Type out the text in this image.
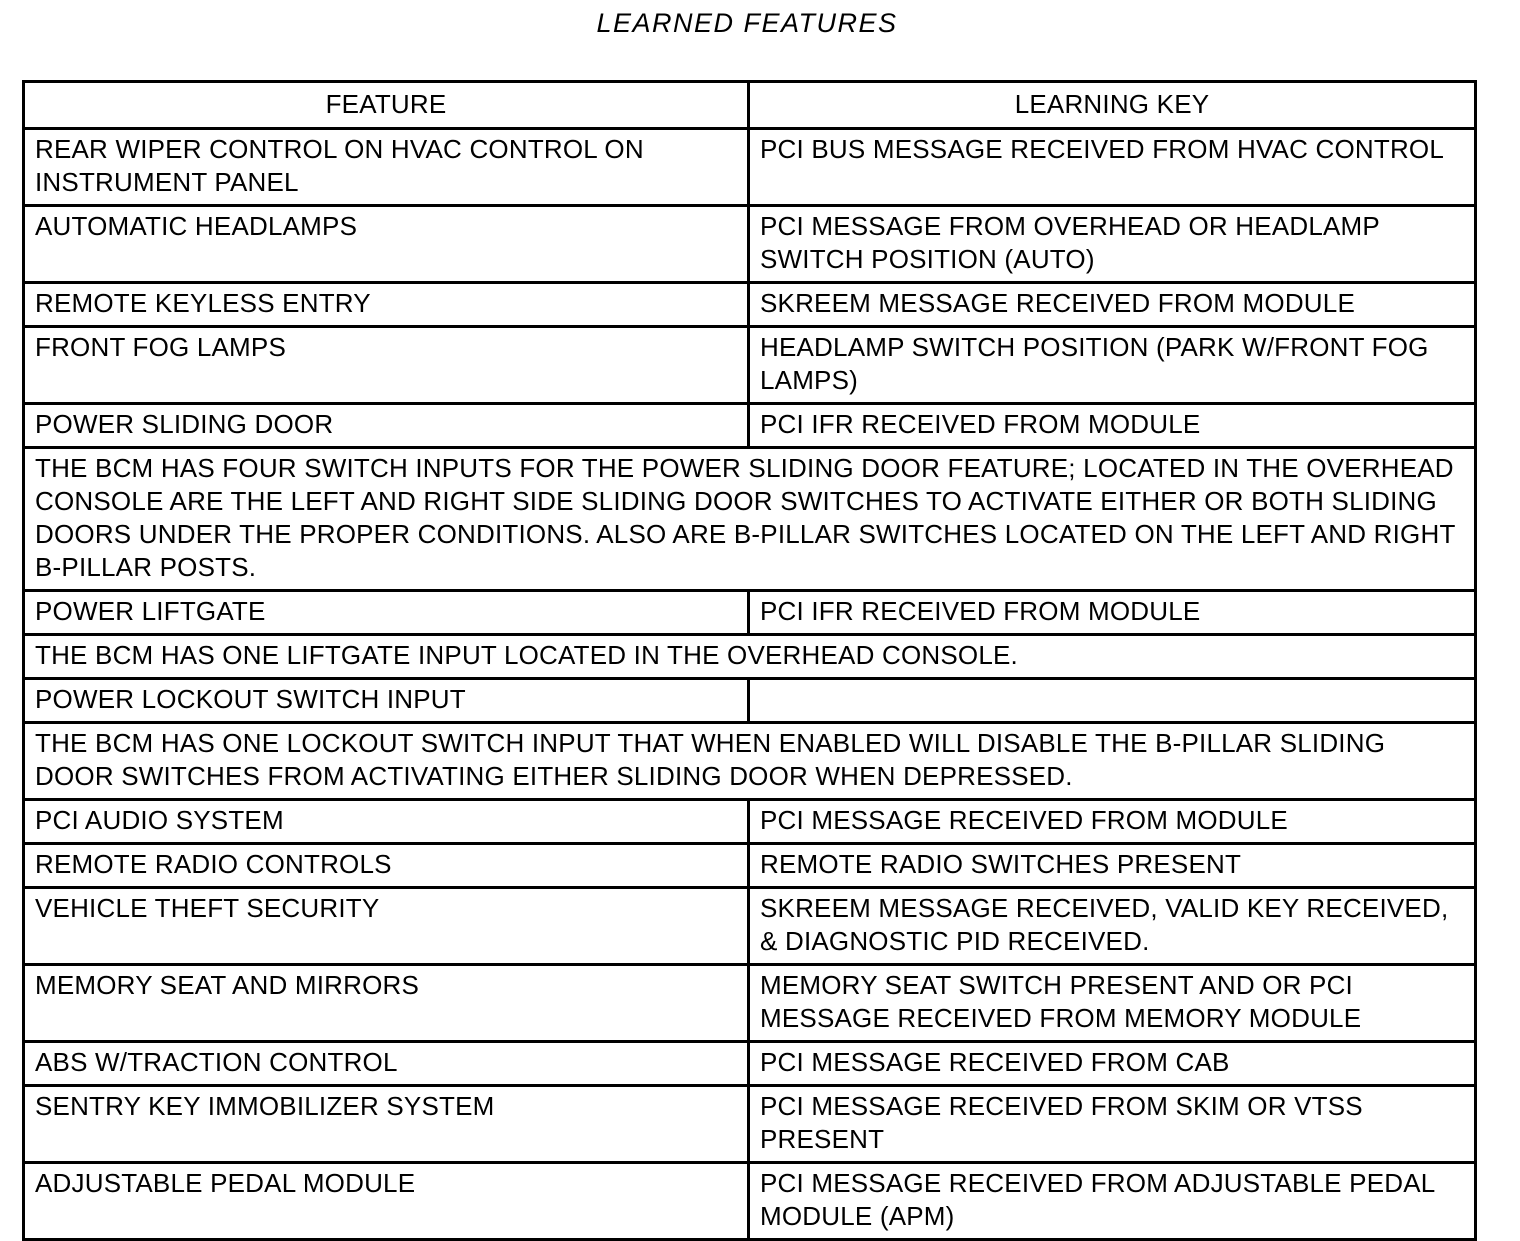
LEARNED FEATURES
FEATURE	LEARNING KEY
REAR WIPER CONTROL ON HVAC CONTROL ON INSTRUMENT PANEL	PCI BUS MESSAGE RECEIVED FROM HVAC CONTROL
AUTOMATIC HEADLAMPS	PCI MESSAGE FROM OVERHEAD OR HEADLAMP SWITCH POSITION (AUTO)
REMOTE KEYLESS ENTRY	SKREEM MESSAGE RECEIVED FROM MODULE
FRONT FOG LAMPS	HEADLAMP SWITCH POSITION (PARK W/FRONT FOG LAMPS)
POWER SLIDING DOOR	PCI IFR RECEIVED FROM MODULE
THE BCM HAS FOUR SWITCH INPUTS FOR THE POWER SLIDING DOOR FEATURE; LOCATED IN THE OVERHEAD CONSOLE ARE THE LEFT AND RIGHT SIDE SLIDING DOOR SWITCHES TO ACTIVATE EITHER OR BOTH SLIDING DOORS UNDER THE PROPER CONDITIONS. ALSO ARE B-PILLAR SWITCHES LOCATED ON THE LEFT AND RIGHT B-PILLAR POSTS.	
POWER LIFTGATE	PCI IFR RECEIVED FROM MODULE
THE BCM HAS ONE LIFTGATE INPUT LOCATED IN THE OVERHEAD CONSOLE.	
POWER LOCKOUT SWITCH INPUT	
THE BCM HAS ONE LOCKOUT SWITCH INPUT THAT WHEN ENABLED WILL DISABLE THE B-PILLAR SLIDING DOOR SWITCHES FROM ACTIVATING EITHER SLIDING DOOR WHEN DEPRESSED.	
PCI AUDIO SYSTEM	PCI MESSAGE RECEIVED FROM MODULE
REMOTE RADIO CONTROLS	REMOTE RADIO SWITCHES PRESENT
VEHICLE THEFT SECURITY	SKREEM MESSAGE RECEIVED, VALID KEY RECEIVED, & DIAGNOSTIC PID RECEIVED.
MEMORY SEAT AND MIRRORS	MEMORY SEAT SWITCH PRESENT AND OR PCI MESSAGE RECEIVED FROM MEMORY MODULE
ABS W/TRACTION CONTROL	PCI MESSAGE RECEIVED FROM CAB
SENTRY KEY IMMOBILIZER SYSTEM	PCI MESSAGE RECEIVED FROM SKIM OR VTSS PRESENT
ADJUSTABLE PEDAL MODULE	PCI MESSAGE RECEIVED FROM ADJUSTABLE PEDAL MODULE (APM)
